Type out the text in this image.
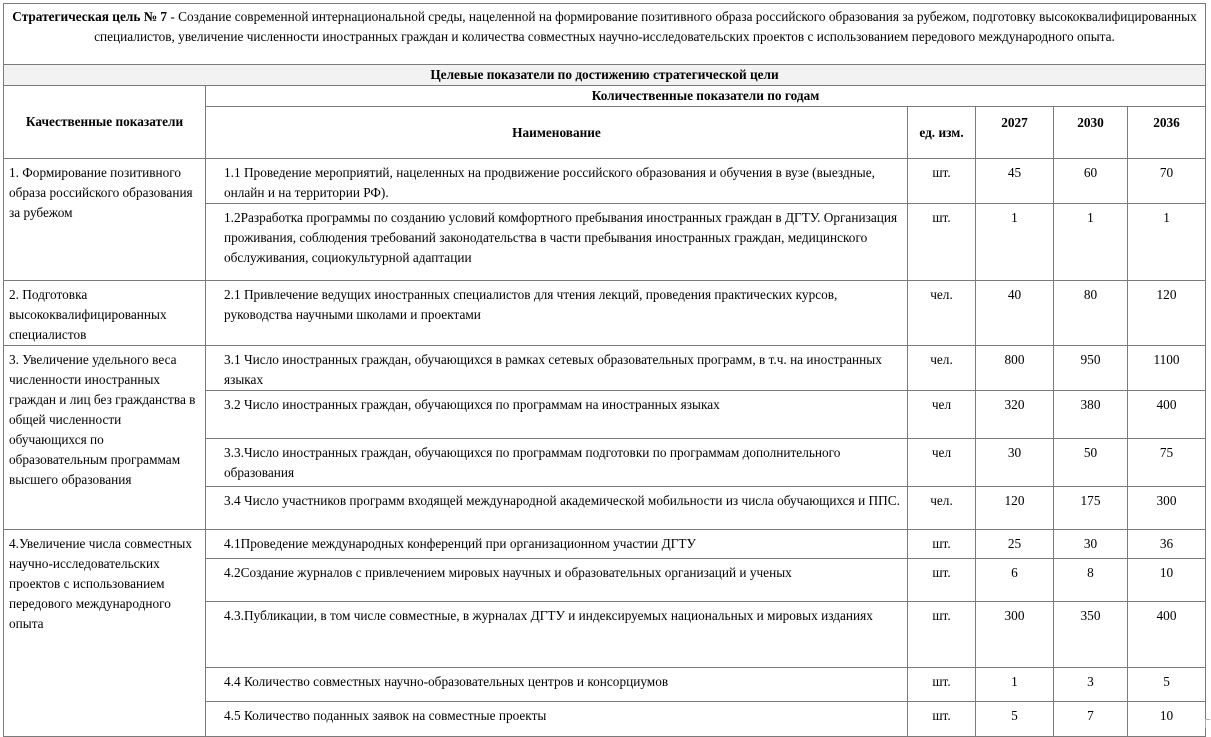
Стратегическая цель № 7 - Создание современной интернациональной среды, нацеленной на формирование позитивного образа российского образования за рубежом, подготовку высококвалифицированных специалистов, увеличение численности иностранных граждан и количества совместных научно-исследовательских проектов с использованием передового международного опыта.					
Целевые показатели по достижению стратегической цели					
Качественные показатели	Количественные показатели по годам				
	Наименование	ед. изм.	2027	2030	2036
1. Формирование позитивного образа российского образования за рубежом	1.1 Проведение мероприятий, нацеленных на продвижение российского образования и обучения в вузе (выездные, онлайн и на территории РФ).	шт.	45	60	70
	1.2Разработка программы по созданию условий комфортного пребывания иностранных граждан в ДГТУ. Организация проживания, соблюдения требований законодательства в части пребывания иностранных граждан, медицинского обслуживания, социокультурной адаптации	шт.	1	1	1
2. Подготовка высококвалифицированных специалистов	2.1 Привлечение ведущих иностранных специалистов для чтения лекций, проведения практических курсов, руководства научными школами и проектами	чел.	40	80	120
3. Увеличение удельного веса численности иностранных граждан и лиц без гражданства в общей численности обучающихся по образовательным программам высшего образования	3.1 Число иностранных граждан, обучающихся в рамках сетевых образовательных программ, в т.ч. на иностранных языках	чел.	800	950	1100
	3.2 Число иностранных граждан, обучающихся по программам на иностранных языках	чел	320	380	400
	3.3.Число иностранных граждан, обучающихся по программам подготовки по программам дополнительного образования	чел	30	50	75
	3.4 Число участников программ входящей международной академической мобильности из числа обучающихся и ППС.	чел.	120	175	300
4.Увеличение числа совместных научно-исследовательских проектов с использованием передового международного опыта	4.1Проведение международных конференций при организационном участии ДГТУ	шт.	25	30	36
	4.2Создание журналов с привлечением мировых научных и образовательных организаций и ученых	шт.	6	8	10
	4.3.Публикации, в том числе совместные, в журналах ДГТУ и индексируемых национальных и мировых изданиях	шт.	300	350	400
	4.4 Количество совместных научно-образовательных центров и консорциумов	шт.	1	3	5
	4.5 Количество поданных заявок на совместные проекты	шт.	5	7	10
